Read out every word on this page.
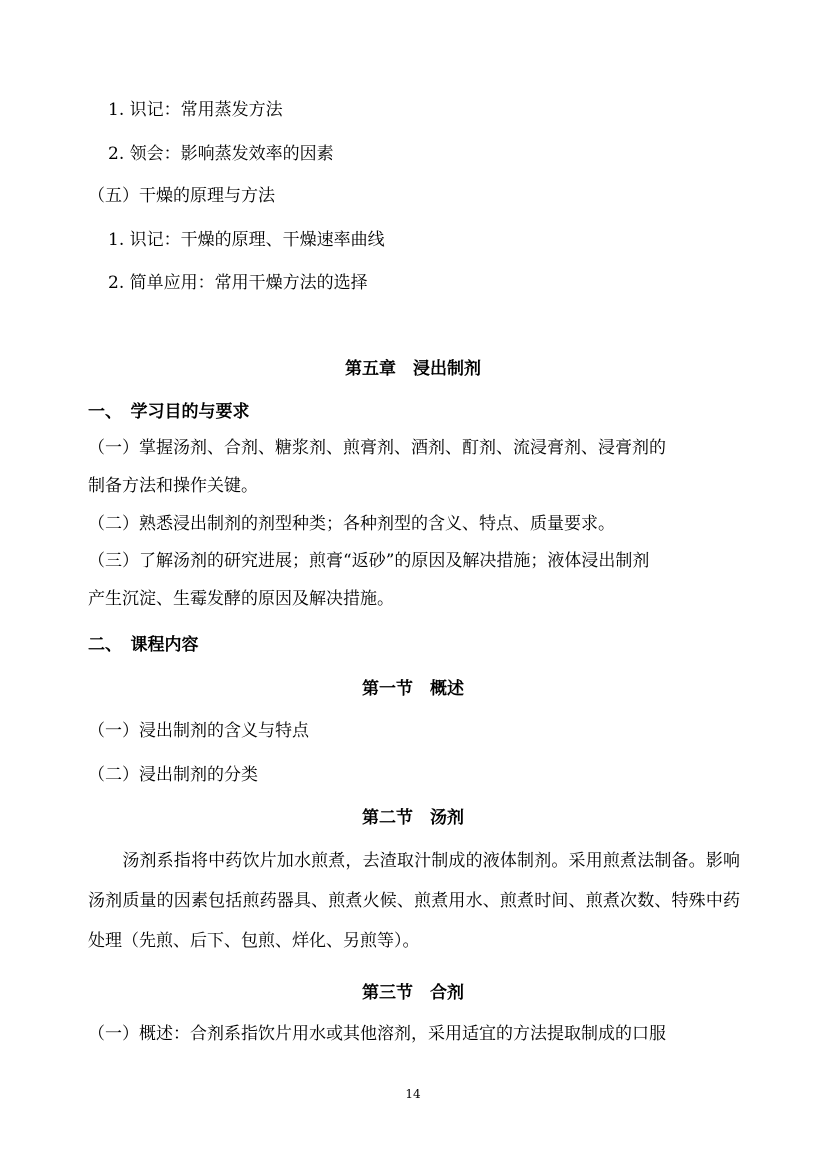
1. 识记：常用蒸发方法
2. 领会：影响蒸发效率的因素
（五）干燥的原理与方法
1. 识记：干燥的原理、干燥速率曲线
2. 简单应用：常用干燥方法的选择
第五章　浸出制剂
一、　学习目的与要求
（一）掌握汤剂、合剂、糖浆剂、煎膏剂、酒剂、酊剂、流浸膏剂、浸膏剂的
制备方法和操作关键。
（二）熟悉浸出制剂的剂型种类；各种剂型的含义、特点、质量要求。
（三）了解汤剂的研究进展；煎膏“返砂”的原因及解决措施；液体浸出制剂
产生沉淀、生霉发酵的原因及解决措施。
二、　课程内容
第一节　概述
（一）浸出制剂的含义与特点
（二）浸出制剂的分类
第二节　汤剂
　　汤剂系指将中药饮片加水煎煮，去渣取汁制成的液体制剂。采用煎煮法制备。影响汤剂质量的因素包括煎药器具、煎煮火候、煎煮用水、煎煮时间、煎煮次数、特殊中药处理（先煎、后下、包煎、烊化、另煎等）。
第三节　合剂
（一）概述：合剂系指饮片用水或其他溶剂，采用适宜的方法提取制成的口服
14
